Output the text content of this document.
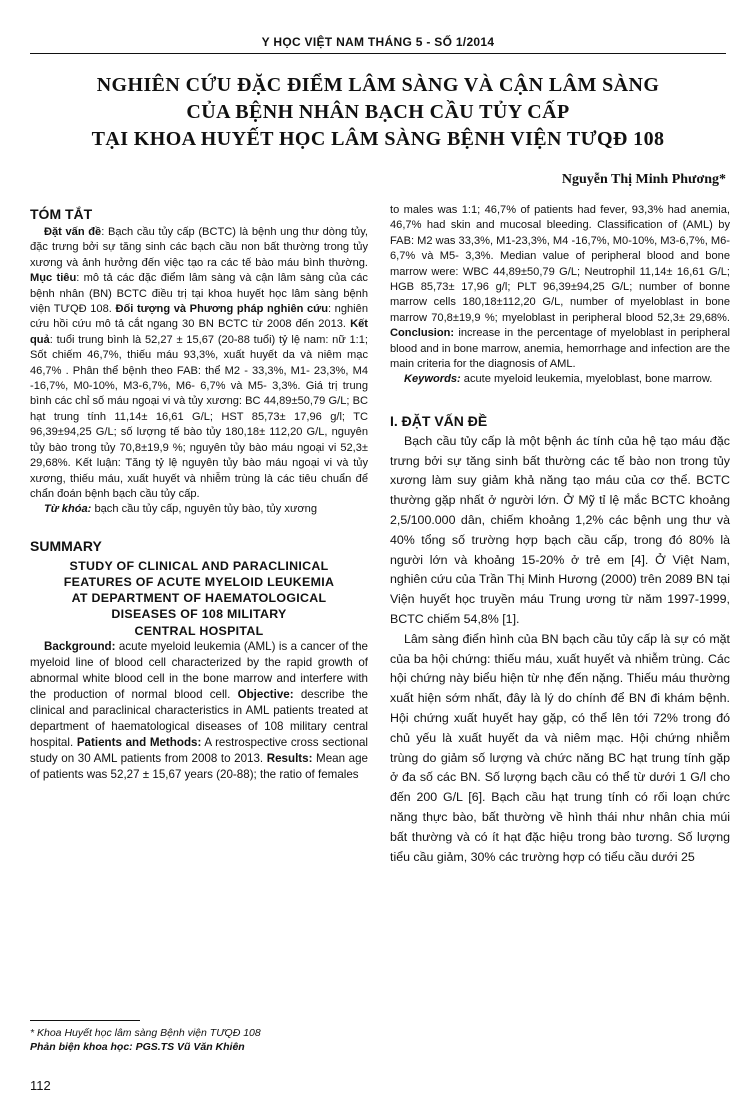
Y HỌC VIỆT NAM THÁNG 5 - SỐ 1/2014
NGHIÊN CỨU ĐẶC ĐIỂM LÂM SÀNG VÀ CẬN LÂM SÀNG
CỦA BỆNH NHÂN BẠCH CẦU TỦY CẤP
TẠI KHOA HUYẾT HỌC LÂM SÀNG BỆNH VIỆN TƯQĐ 108
Nguyễn Thị Minh Phương*
TÓM TẮT

Đặt vấn đề: Bạch cầu tủy cấp (BCTC) là bệnh ung thư dòng tủy, đặc trưng bởi sự tăng sinh các bạch cầu non bất thường trong tủy xương và ảnh hưởng đến việc tạo ra các tế bào máu bình thường. Mục tiêu: mô tả các đặc điểm lâm sàng và cận lâm sàng của các bệnh nhân (BN) BCTC điều trị tại khoa huyết học lâm sàng bệnh viện TƯQĐ 108. Đối tượng và Phương pháp nghiên cứu: nghiên cứu hồi cứu mô tả cắt ngang 30 BN BCTC từ 2008 đến 2013. Kết quả: tuổi trung bình là 52,27 ± 15,67 (20-88 tuổi) tỷ lệ nam: nữ 1:1; Sốt chiếm 46,7%, thiếu máu 93,3%, xuất huyết da và niêm mạc 46,7% . Phân thể bệnh theo FAB: thể M2 - 33,3%, M1- 23,3%, M4 -16,7%, M0-10%, M3-6,7%, M6- 6,7% và M5- 3,3%. Giá trị trung bình các chỉ số máu ngoại vi và tủy xương: BC 44,89±50,79 G/L; BC hạt trung tính 11,14± 16,61 G/L; HST 85,73± 17,96 g/l; TC 96,39±94,25 G/L; số lượng tế bào tủy 180,18± 112,20 G/L, nguyên tủy bào trong tủy 70,8±19,9 %; nguyên tủy bào máu ngoại vi 52,3± 29,68%. Kết luận: Tăng tỷ lệ nguyên tủy bào máu ngoại vi và tủy xương, thiếu máu, xuất huyết và nhiễm trùng là các tiêu chuẩn để chẩn đoán bệnh bạch cầu tủy cấp.

Từ khóa: bạch cầu tủy cấp, nguyên tủy bào, tủy xương

SUMMARY
STUDY OF CLINICAL AND PARACLINICAL
FEATURES OF ACUTE MYELOID LEUKEMIA
AT DEPARTMENT OF HAEMATOLOGICAL
DISEASES OF 108 MILITARY
CENTRAL HOSPITAL

Background: acute myeloid leukemia (AML) is a cancer of the myeloid line of blood cell characterized by the rapid growth of abnormal white blood cell in the bone marrow and interfere with the production of normal blood cell. Objective: describe the clinical and paraclinical characteristics in AML patients treated at department of haematological diseases of 108 military central hospital. Patients and Methods: A restrospective cross sectional study on 30 AML patients from 2008 to 2013. Results: Mean age of patients was 52,27 ± 15,67 years (20-88); the ratio of females

to males was 1:1; 46,7% of patients had fever, 93,3% had anemia, 46,7% had skin and mucosal bleeding. Classification of (AML) by FAB: M2 was 33,3%, M1-23,3%, M4 -16,7%, M0-10%, M3-6,7%, M6- 6,7% và M5- 3,3%. Median value of peripheral blood and bone marrow were: WBC 44,89±50,79 G/L; Neutrophil 11,14± 16,61 G/L; HGB 85,73± 17,96 g/l; PLT 96,39±94,25 G/L; number of bonne marrow cells 180,18±112,20 G/L, number of myeloblast in bone marrow 70,8±19,9 %; myeloblast in peripheral blood 52,3± 29,68%. Conclusion: increase in the percentage of myeloblast in peripheral blood and in bone marrow, anemia, hemorrhage and infection are the main criteria for the diagnosis of AML.

Keywords: acute myeloid leukemia, myeloblast, bone marrow.

I. ĐẶT VẤN ĐỀ

Bạch cầu tủy cấp là một bệnh ác tính của hệ tạo máu đặc trưng bởi sự tăng sinh bất thường các tế bào non trong tủy xương làm suy giảm khả năng tạo máu của cơ thể. BCTC thường gặp nhất ở người lớn. Ở Mỹ tỉ lệ mắc BCTC khoảng 2,5/100.000 dân, chiếm khoảng 1,2% các bệnh ung thư và 40% tổng số trường hợp bạch cầu cấp, trong đó 80% là người lớn và khoảng 15-20% ở trẻ em [4]. Ở Việt Nam, nghiên cứu của Trần Thị Minh Hương (2000) trên 2089 BN tại Viện huyết học truyền máu Trung ương từ năm 1997-1999, BCTC chiếm 54,8% [1].

Lâm sàng điển hình của BN bạch cầu tủy cấp là sự có mặt của ba hội chứng: thiếu máu, xuất huyết và nhiễm trùng. Các hội chứng này biểu hiện từ nhẹ đến nặng. Thiếu máu thường xuất hiện sớm nhất, đây là lý do chính để BN đi khám bệnh. Hội chứng xuất huyết hay gặp, có thể lên tới 72% trong đó chủ yếu là xuất huyết da và niêm mạc. Hội chứng nhiễm trùng do giảm số lượng và chức năng BC hạt trung tính gặp ở đa số các BN. Số lượng bạch cầu có thể từ dưới 1 G/l cho đến 200 G/L [6]. Bạch cầu hạt trung tính có rối loạn chức năng thực bào, bất thường về hình thái như nhân chia múi bất thường và có ít hạt đặc hiệu trong bào tương. Số lượng tiểu cầu giảm, 30% các trường hợp có tiểu cầu dưới 25

* Khoa Huyết học lâm sàng Bệnh viện TƯQĐ 108
Phản biện khoa học: PGS.TS Vũ Văn Khiên
112
